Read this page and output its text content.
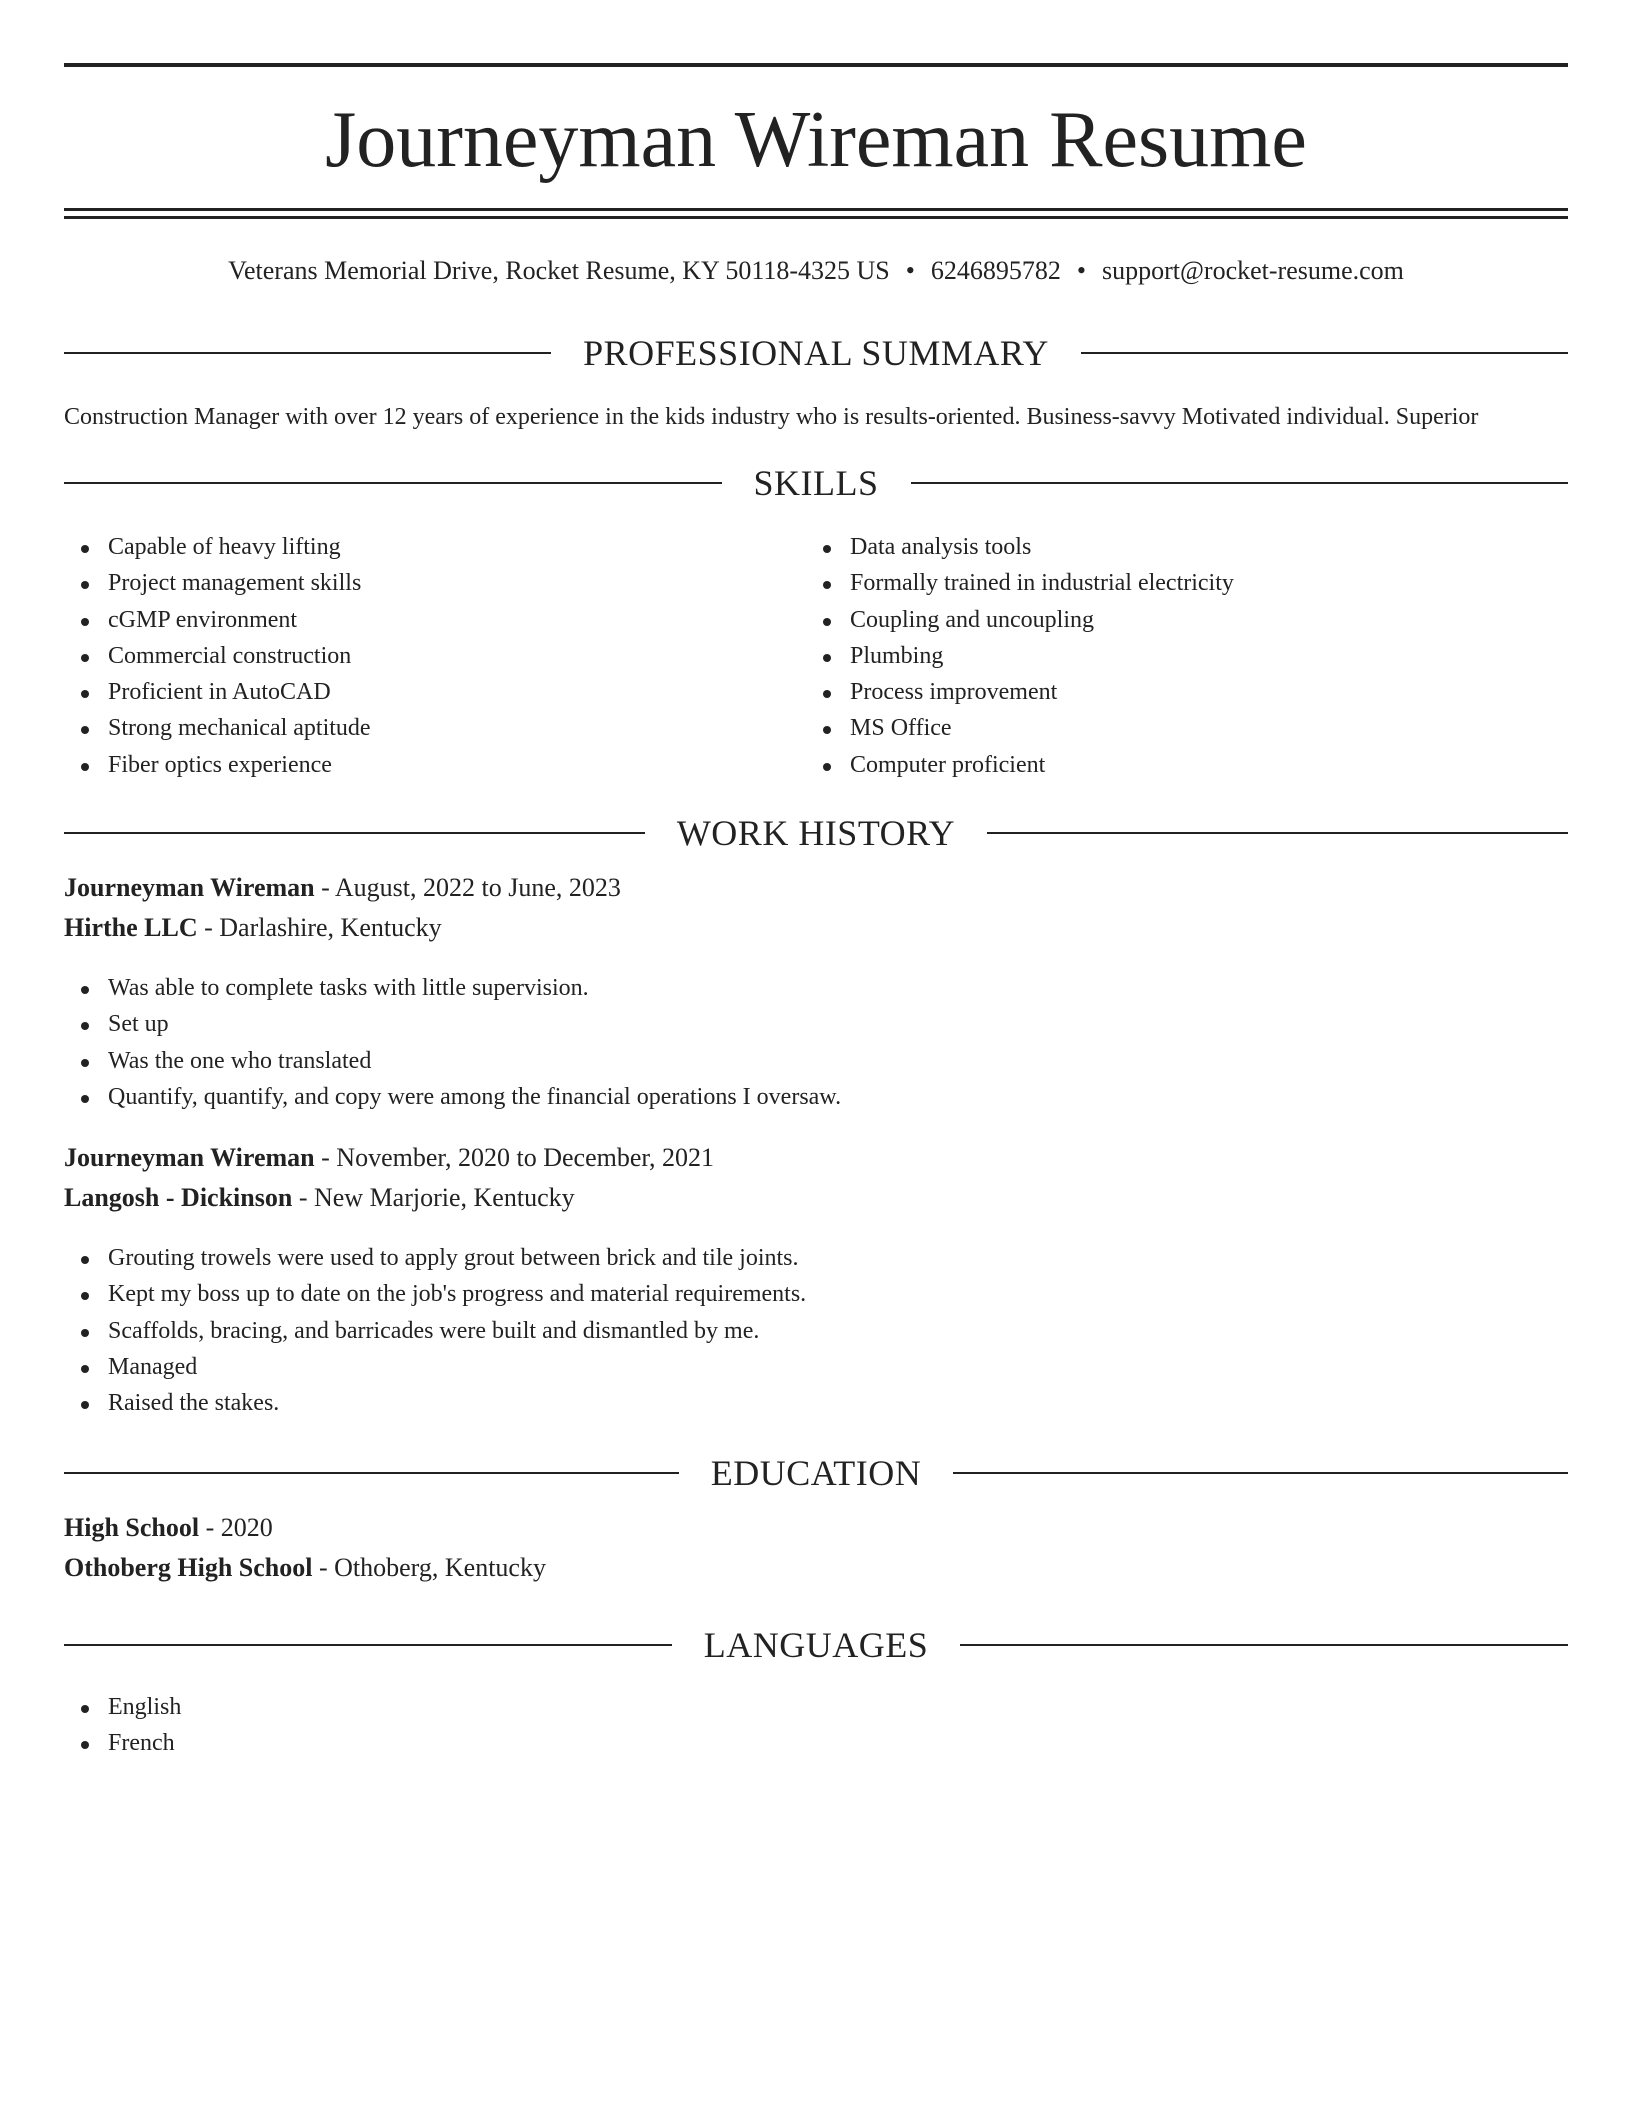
Journeyman Wireman Resume
Veterans Memorial Drive, Rocket Resume, KY 50118-4325 US • 6246895782 • support@rocket-resume.com
PROFESSIONAL SUMMARY
Construction Manager with over 12 years of experience in the kids industry who is results-oriented. Business-savvy Motivated individual. Superior
SKILLS
Capable of heavy lifting
Project management skills
cGMP environment
Commercial construction
Proficient in AutoCAD
Strong mechanical aptitude
Fiber optics experience
Data analysis tools
Formally trained in industrial electricity
Coupling and uncoupling
Plumbing
Process improvement
MS Office
Computer proficient
WORK HISTORY
Journeyman Wireman - August, 2022 to June, 2023
Hirthe LLC - Darlashire, Kentucky
Was able to complete tasks with little supervision.
Set up
Was the one who translated
Quantify, quantify, and copy were among the financial operations I oversaw.
Journeyman Wireman - November, 2020 to December, 2021
Langosh - Dickinson - New Marjorie, Kentucky
Grouting trowels were used to apply grout between brick and tile joints.
Kept my boss up to date on the job's progress and material requirements.
Scaffolds, bracing, and barricades were built and dismantled by me.
Managed
Raised the stakes.
EDUCATION
High School - 2020
Othoberg High School - Othoberg, Kentucky
LANGUAGES
English
French
